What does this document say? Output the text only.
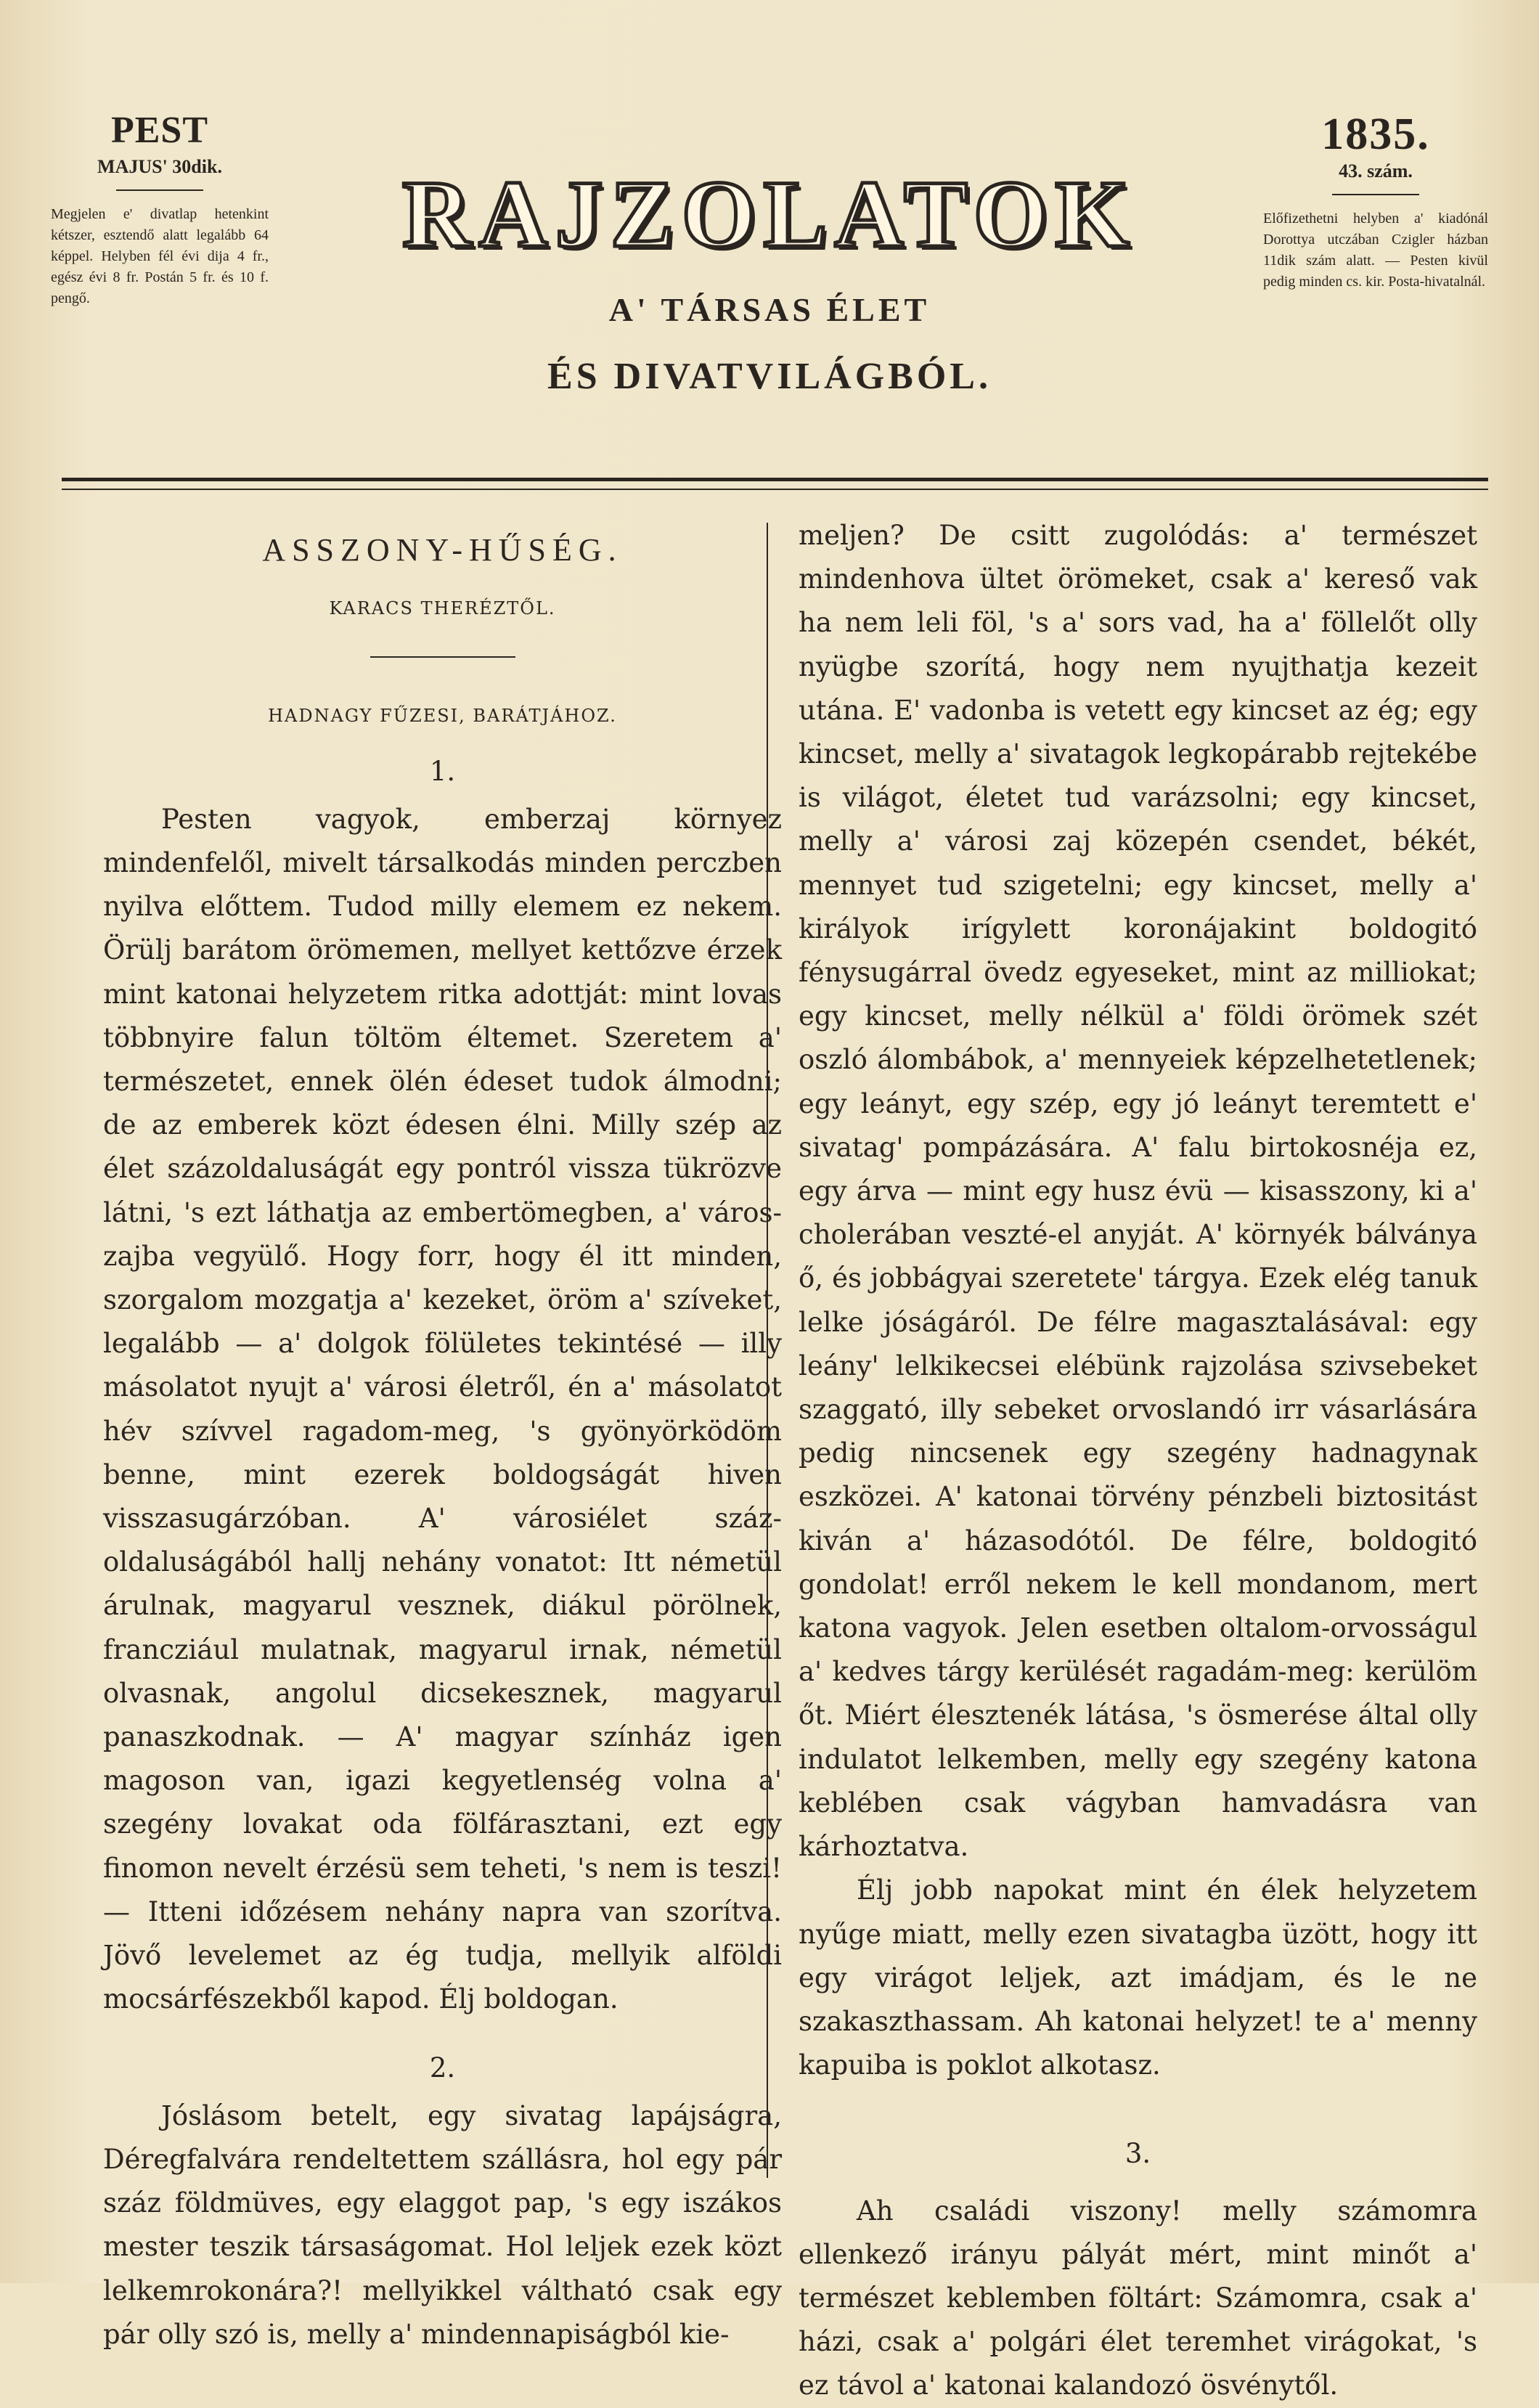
PEST
MAJUS' 30dik.
Megjelen e' divatlap hetenkint kétszer, esztendő alatt legalább 64 képpel. Helyben fél évi dija 4 fr., egész évi 8 fr. Postán 5 fr. és 10 f. pengő.
RAJZOLATOK
A' TÁRSAS ÉLET
ÉS DIVATVILÁGBÓL.
1835.
43. szám.
Előfizethetni helyben a' kiadónál Dorottya utczában Czigler házban 11dik szám alatt. — Pesten kivül pedig minden cs. kir. Posta-hivatalnál.
ASSZONY-HŰSÉG.
KARACS THERÉZTŐL.
HADNAGY FŰZESI, BARÁTJÁHOZ.
1.

Pesten vagyok, emberzaj környez mindenfelől, mivelt társalkodás minden perczben nyilva előttem. Tudod milly elemem ez nekem. Örülj barátom örömemen, mellyet kettőzve érzek mint katonai helyzetem ritka adottját: mint lovas többnyire falun töltöm éltemet. Szeretem a' természetet, ennek ölén édeset tudok álmodni; de az emberek közt édesen élni. Milly szép az élet százoldaluságát egy pontról vissza tükrözve látni, 's ezt láthatja az embertömegben, a' város-zajba vegyülő. Hogy forr, hogy él itt minden, szorgalom mozgatja a' kezeket, öröm a' szíveket, legalább — a' dolgok fölületes tekintésé — illy másolatot nyujt a' városi életről, én a' másolatot hév szívvel ragadom-meg, 's gyönyörködöm benne, mint ezerek boldogságát hiven visszasugárzóban. A' városiélet száz-oldaluságából hallj nehány vonatot: Itt németül árulnak, magyarul vesznek, diákul pörölnek, francziául mulatnak, magyarul irnak, németül olvasnak, angolul dicsekesznek, magyarul panaszkodnak. — A' magyar színház igen magoson van, igazi kegyetlenség volna a' szegény lovakat oda fölfárasztani, ezt egy finomon nevelt érzésü sem teheti, 's nem is teszi! — Itteni időzésem nehány napra van szorítva. Jövő levelemet az ég tudja, mellyik alföldi mocsárfészekből kapod. Élj boldogan.

2.

Jóslásom betelt, egy sivatag lapájságra, Déregfalvára rendeltettem szállásra, hol egy pár száz földmüves, egy elaggot pap, 's egy iszákos mester teszik társaságomat. Hol leljek ezek közt lelkemrokonára?! mellyikkel váltható csak egy pár olly szó is, melly a' mindennapiságból kie-

meljen? De csitt zugolódás: a' természet mindenhova ültet örömeket, csak a' kereső vak ha nem leli föl, 's a' sors vad, ha a' föllelőt olly nyügbe szorítá, hogy nem nyujthatja kezeit utána. E' vadonba is vetett egy kincset az ég; egy kincset, melly a' sivatagok legkopárabb rejtekébe is világot, életet tud varázsolni; egy kincset, melly a' városi zaj közepén csendet, békét, mennyet tud szigetelni; egy kincset, melly a' királyok irígylett koronájakint boldogitó fénysugárral övedz egyeseket, mint az milliokat; egy kincset, melly nélkül a' földi örömek szét oszló álombábok, a' mennyeiek képzelhetetlenek; egy leányt, egy szép, egy jó leányt teremtett e' sivatag' pompázására. A' falu birtokosnéja ez, egy árva — mint egy husz évü — kisasszony, ki a' cholerában veszté-el anyját. A' környék bálványa ő, és jobbágyai szeretete' tárgya. Ezek elég tanuk lelke jóságáról. De félre magasztalásával: egy leány' lelkikecsei elébünk rajzolása szivsebeket szaggató, illy sebeket orvoslandó irr vásarlására pedig nincsenek egy szegény hadnagynak eszközei. A' katonai törvény pénzbeli biztositást kiván a' házasodótól. De félre, boldogitó gondolat! erről nekem le kell mondanom, mert katona vagyok. Jelen esetben oltalom-orvosságul a' kedves tárgy kerülését ragadám-meg: kerülöm őt. Miért élesztenék látása, 's ösmerése által olly indulatot lelkemben, melly egy szegény katona keblében csak vágyban hamvadásra van kárhoztatva.

Élj jobb napokat mint én élek helyzetem nyűge miatt, melly ezen sivatagba üzött, hogy itt egy virágot leljek, azt imádjam, és le ne szakaszthassam. Ah katonai helyzet! te a' menny kapuiba is poklot alkotasz.

3.

Ah családi viszony! melly számomra ellenkező irányu pályát mért, mint minőt a' természet keblemben föltárt: Számomra, csak a' házi, csak a' polgári élet teremhet virágokat, 's ez távol a' katonai kalandozó ösvénytől.
